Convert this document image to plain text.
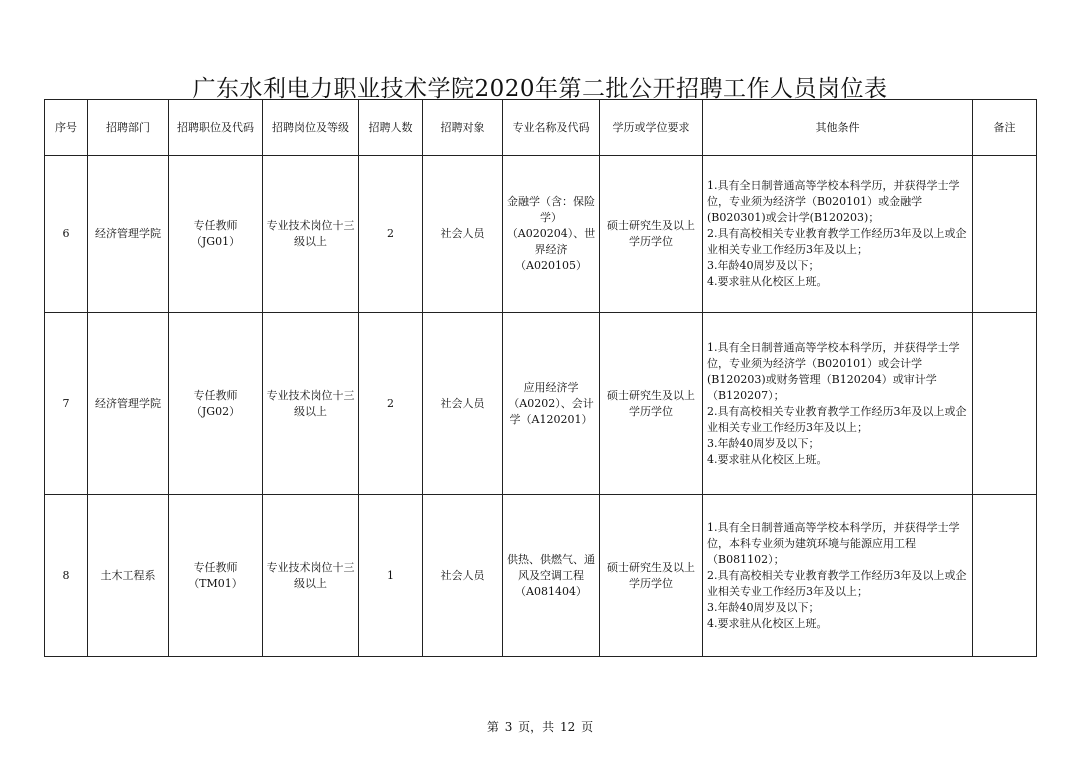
广东水利电力职业技术学院2020年第二批公开招聘工作人员岗位表
序号	招聘部门	招聘职位及代码	招聘岗位及等级	招聘人数	招聘对象	专业名称及代码	学历或学位要求	其他条件	备注
6	经济管理学院	专任教师（JG01）	专业技术岗位十三级以上	2	社会人员	金融学（含：保险学）（A020204）、世界经济（A020105）	硕士研究生及以上学历学位	1.具有全日制普通高等学校本科学历，并获得学士学位，专业须为经济学（B020101）或金融学(B020301)或会计学(B120203)；
2.具有高校相关专业教育教学工作经历3年及以上或企业相关专业工作经历3年及以上；
3.年龄40周岁及以下；
4.要求驻从化校区上班。	

7	经济管理学院	专任教师（JG02）	专业技术岗位十三级以上	2	社会人员	应用经济学（A0202）、会计学（A120201）	硕士研究生及以上学历学位	1.具有全日制普通高等学校本科学历，并获得学士学位，专业须为经济学（B020101）或会计学(B120203)或财务管理（B120204）或审计学（B120207）；
2.具有高校相关专业教育教学工作经历3年及以上或企业相关专业工作经历3年及以上；
3.年龄40周岁及以下；
4.要求驻从化校区上班。	

8	土木工程系	专任教师（TM01）	专业技术岗位十三级以上	1	社会人员	供热、供燃气、通风及空调工程（A081404）	硕士研究生及以上学历学位	1.具有全日制普通高等学校本科学历，并获得学士学位，本科专业须为建筑环境与能源应用工程（B081102）；
2.具有高校相关专业教育教学工作经历3年及以上或企业相关专业工作经历3年及以上；
3.年龄40周岁及以下；
4.要求驻从化校区上班。	

第 3 页，共 12 页
